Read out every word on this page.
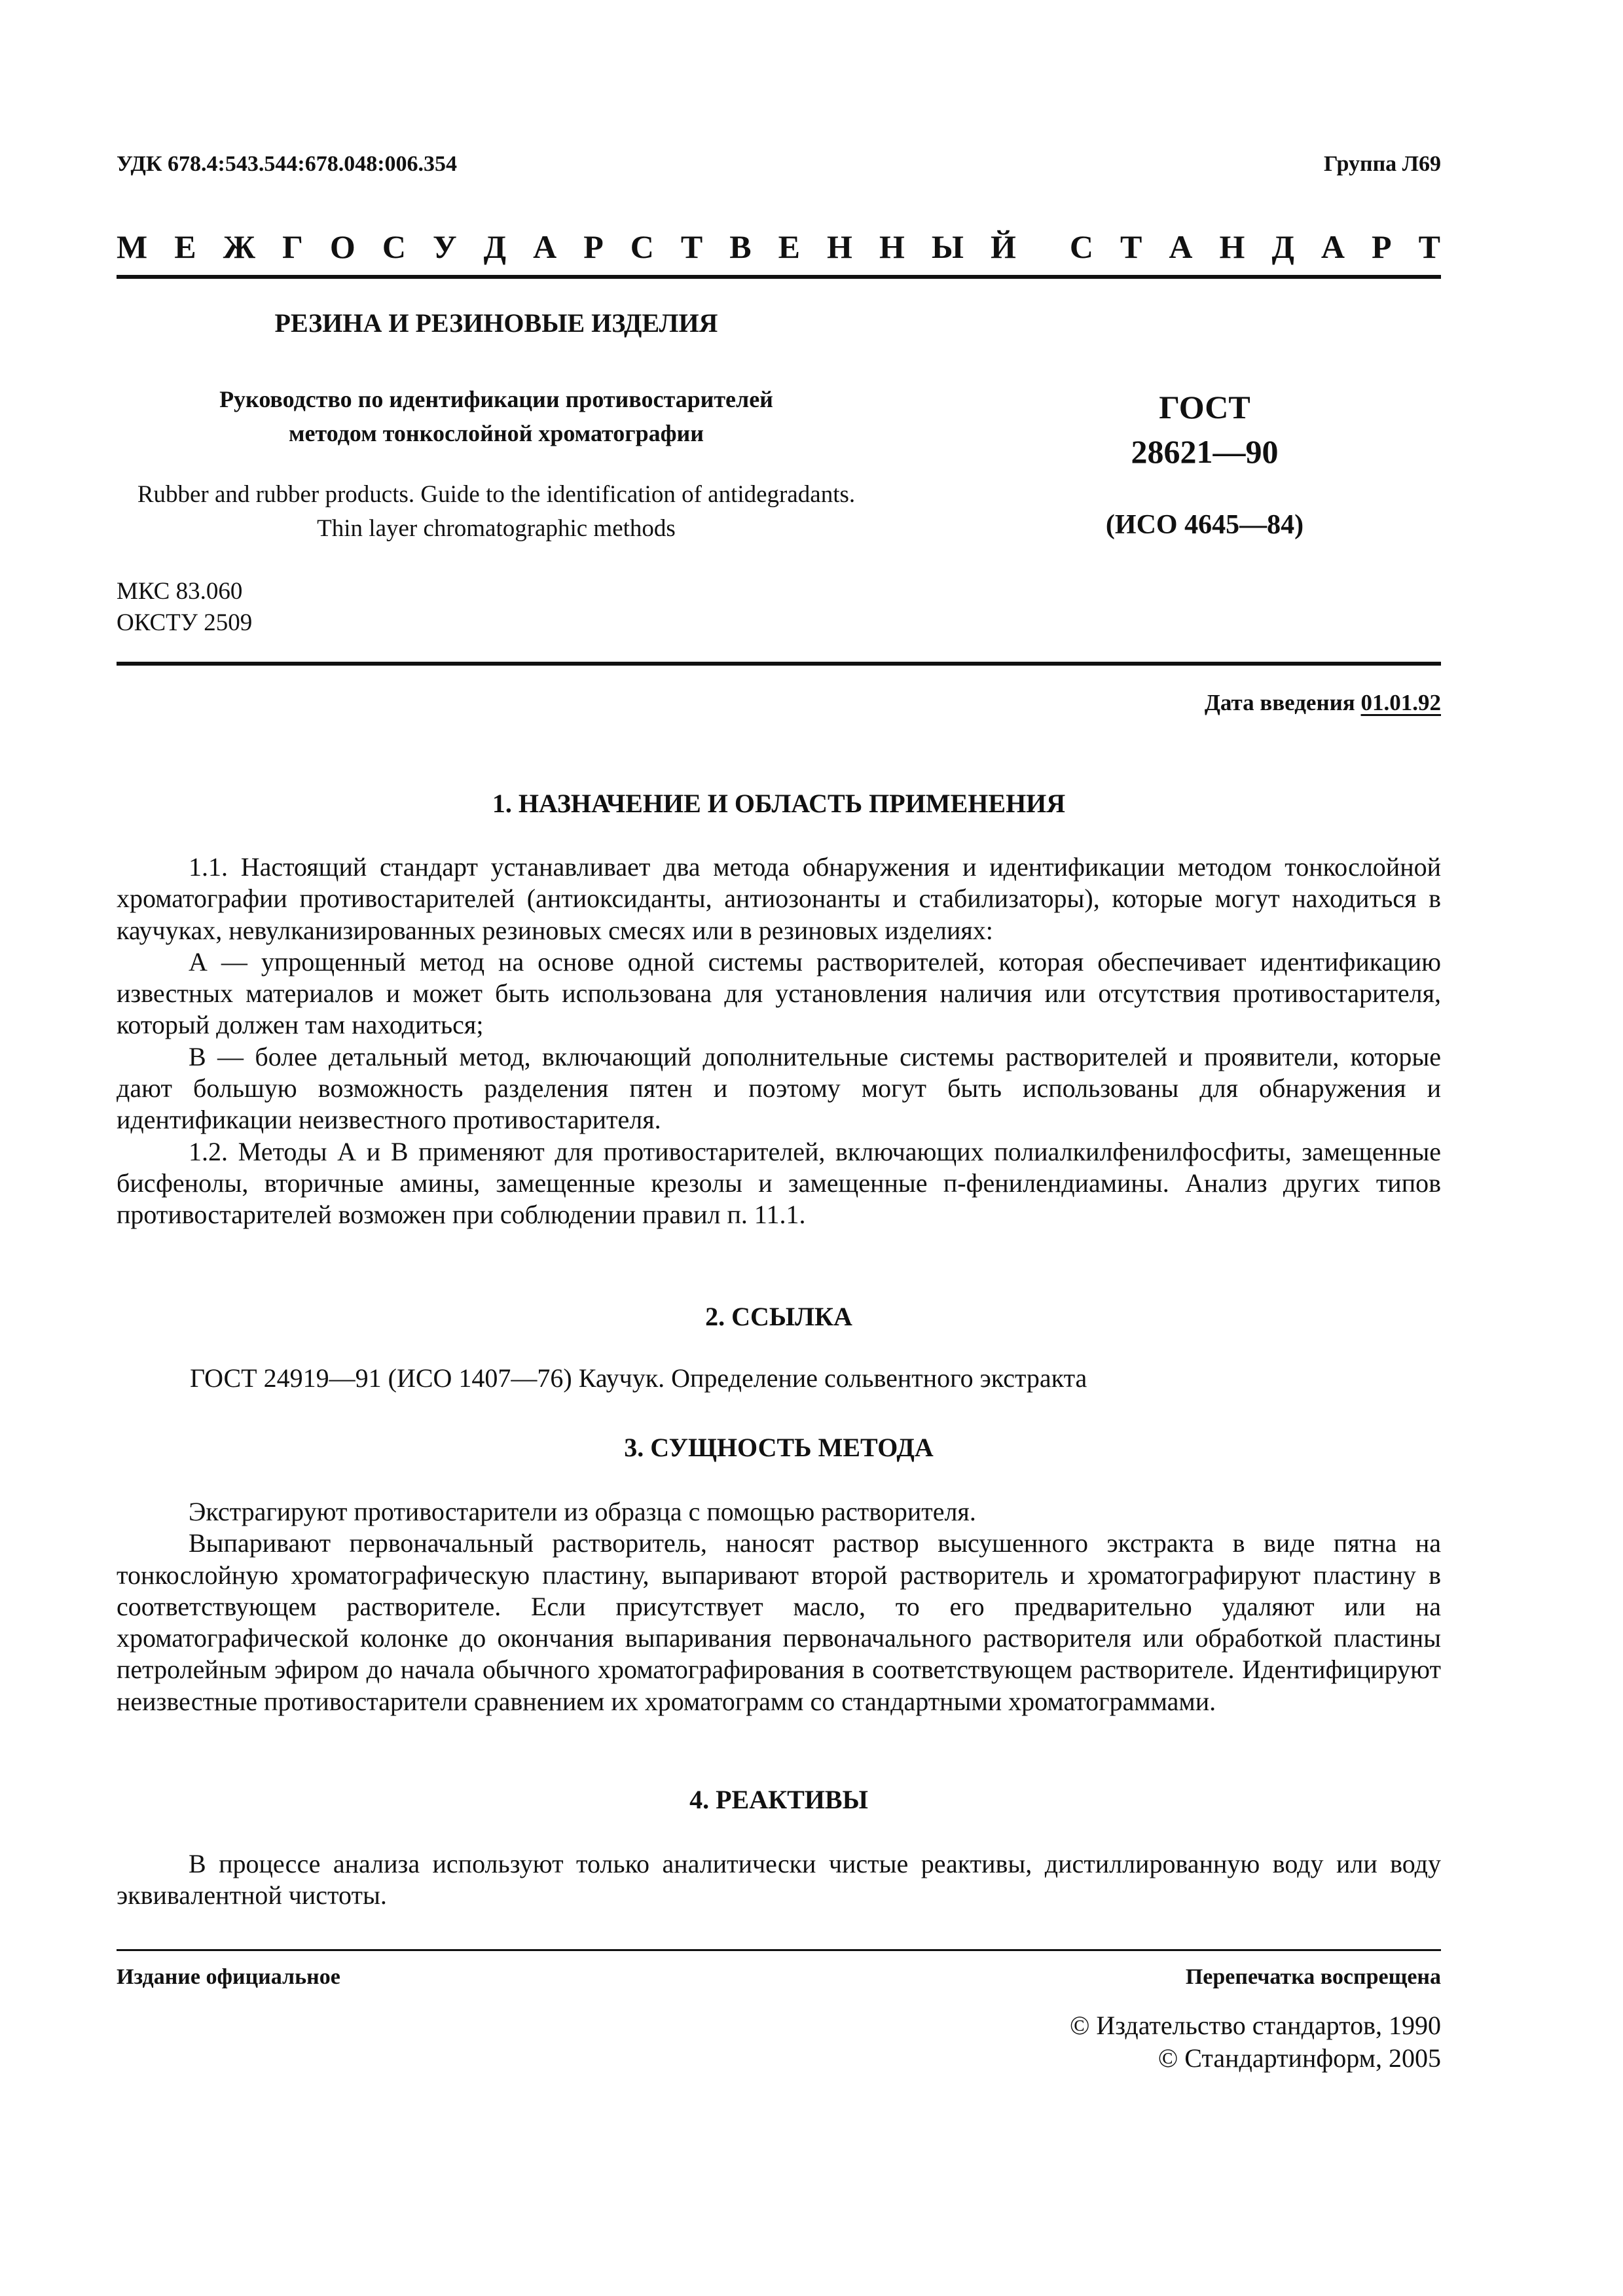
УДК 678.4:543.544:678.048:006.354	Группа Л69
М Е Ж Г О С У Д А Р С Т В Е Н Н Ы Й С Т А Н Д А Р Т
РЕЗИНА И РЕЗИНОВЫЕ ИЗДЕЛИЯ
Руководство по идентификации противостарителей
методом тонкослойной хроматографии
Rubber and rubber products. Guide to the identification of antidegradants.
Thin layer chromatographic methods
ГОСТ
28621—90
(ИСО 4645—84)
МКС 83.060
ОКСТУ 2509
Дата введения 01.01.92
1. НАЗНАЧЕНИЕ И ОБЛАСТЬ ПРИМЕНЕНИЯ

1.1. Настоящий стандарт устанавливает два метода обнаружения и идентификации методом тонкослойной хроматографии противостарителей (антиоксиданты, антиозонанты и стабилизаторы), которые могут находиться в каучуках, невулканизированных резиновых смесях или в резиновых изделиях:

А — упрощенный метод на основе одной системы растворителей, которая обеспечивает идентификацию известных материалов и может быть использована для установления наличия или отсутствия противостарителя, который должен там находиться;

В — более детальный метод, включающий дополнительные системы растворителей и проявители, которые дают большую возможность разделения пятен и поэтому могут быть использованы для обнаружения и идентификации неизвестного противостарителя.

1.2. Методы А и В применяют для противостарителей, включающих полиалкилфенилфосфиты, замещенные бисфенолы, вторичные амины, замещенные крезолы и замещенные п-фенилендиамины. Анализ других типов противостарителей возможен при соблюдении правил п. 11.1.

2. ССЫЛКА
ГОСТ 24919—91 (ИСО 1407—76) Каучук. Определение сольвентного экстракта
3. СУЩНОСТЬ МЕТОДА

Экстрагируют противостарители из образца с помощью растворителя.

Выпаривают первоначальный растворитель, наносят раствор высушенного экстракта в виде пятна на тонкослойную хроматографическую пластину, выпаривают второй растворитель и хроматографируют пластину в соответствующем растворителе. Если присутствует масло, то его предварительно удаляют или на хроматографической колонке до окончания выпаривания первоначального растворителя или обработкой пластины петролейным эфиром до начала обычного хроматографирования в соответствующем растворителе. Идентифицируют неизвестные противостарители сравнением их хроматограмм со стандартными хроматограммами.

4. РЕАКТИВЫ

В процессе анализа используют только аналитически чистые реактивы, дистиллированную воду или воду эквивалентной чистоты.

Издание официальное	Перепечатка воспрещена
© Издательство стандартов, 1990
© Стандартинформ, 2005
